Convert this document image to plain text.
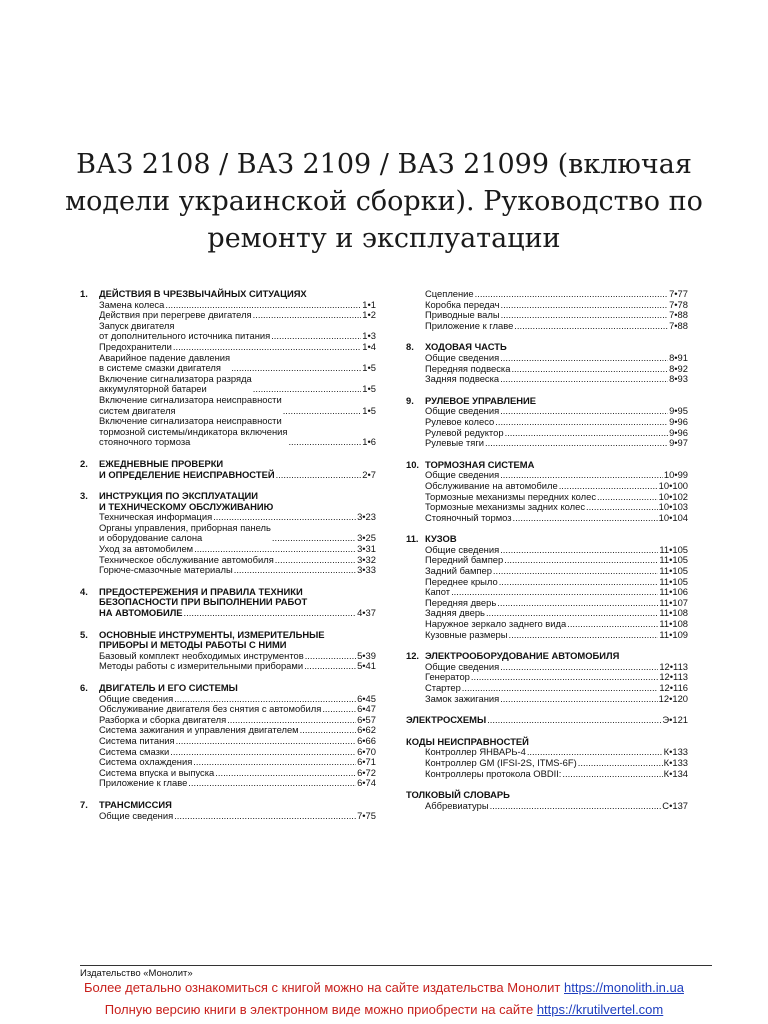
ВАЗ 2108 / ВАЗ 2109 / ВАЗ 21099 (включая модели украинской сборки). Руководство по ремонту и эксплуатации
1.	ДЕЙСТВИЯ В ЧРЕЗВЫЧАЙНЫХ СИТУАЦИЯХ
Замена колеса .....	1•1
Действия при перегреве двигателя .....	1•2
Запуск двигателя
от дополнительного источника питания .....	1•3
Предохранители .....	1•4
Аварийное падение давления
в системе смазки двигателя .....	1•5
Включение сигнализатора разряда
аккумуляторной батареи .....	1•5
Включение сигнализатора неисправности
систем двигателя .....	1•5
Включение сигнализатора неисправности
тормозной системы/индикатора включения
стояночного тормоза .....	1•6
2.	ЕЖЕДНЕВНЫЕ ПРОВЕРКИ
И ОПРЕДЕЛЕНИЕ НЕИСПРАВНОСТЕЙ .....	2•7
3.	ИНСТРУКЦИЯ ПО ЭКСПЛУАТАЦИИ
И ТЕХНИЧЕСКОМУ ОБСЛУЖИВАНИЮ
Техническая информация .....	3•23
Органы управления, приборная панель
и оборудование салона .....	3•25
Уход за автомобилем .....	3•31
Техническое обслуживание автомобиля .....	3•32
Горюче-смазочные материалы .....	3•33
4.	ПРЕДОСТЕРЕЖЕНИЯ И ПРАВИЛА ТЕХНИКИ
БЕЗОПАСНОСТИ ПРИ ВЫПОЛНЕНИИ РАБОТ
НА АВТОМОБИЛЕ .....	4•37
5.	ОСНОВНЫЕ ИНСТРУМЕНТЫ, ИЗМЕРИТЕЛЬНЫЕ
ПРИБОРЫ И МЕТОДЫ РАБОТЫ С НИМИ
Базовый комплект необходимых инструментов .....	5•39
Методы работы с измерительными приборами .....	5•41
6.	ДВИГАТЕЛЬ И ЕГО СИСТЕМЫ
Общие сведения .....	6•45
Обслуживание двигателя без снятия с автомобиля .....	6•47
Разборка и сборка двигателя .....	6•57
Система зажигания и управления двигателем .....	6•62
Система питания .....	6•66
Система смазки .....	6•70
Система охлаждения .....	6•71
Система впуска и выпуска .....	6•72
Приложение к главе .....	6•74
7.	ТРАНСМИССИЯ
Общие сведения .....	7•75
Сцепление .....	7•77
Коробка передач .....	7•78
Приводные валы .....	7•88
Приложение к главе .....	7•88
8.	ХОДОВАЯ ЧАСТЬ
Общие сведения .....	8•91
Передняя подвеска .....	8•92
Задняя подвеска .....	8•93
9.	РУЛЕВОЕ УПРАВЛЕНИЕ
Общие сведения .....	9•95
Рулевое колесо .....	9•96
Рулевой редуктор .....	9•96
Рулевые тяги .....	9•97
10. ТОРМОЗНАЯ СИСТЕМА
Общие сведения .....	10•99
Обслуживание на автомобиле .....	10•100
Тормозные механизмы передних колес .....	10•102
Тормозные механизмы задних колес .....	10•103
Стояночный тормоз .....	10•104
11. КУЗОВ
Общие сведения .....	11•105
Передний бампер .....	11•105
Задний бампер .....	11•105
Переднее крыло .....	11•105
Капот .....	11•106
Передняя дверь .....	11•107
Задняя дверь .....	11•108
Наружное зеркало заднего вида .....	11•108
Кузовные размеры .....	11•109
12. ЭЛЕКТРООБОРУДОВАНИЕ АВТОМОБИЛЯ
Общие сведения .....	12•113
Генератор .....	12•113
Стартер .....	12•116
Замок зажигания .....	12•120
ЭЛЕКТРОСХЕМЫ .....	Э•121
КОДЫ НЕИСПРАВНОСТЕЙ
Контроллер ЯНВАРЬ-4 .....	К•133
Контроллер GM (IFSI-2S, ITMS-6F) .....	К•133
Контроллеры протокола OBDII: .....	К•134
ТОЛКОВЫЙ СЛОВАРЬ
Аббревиатуры .....	С•137
Издательство «Монолит»
Более детально ознакомиться с книгой можно на сайте издательства Монолит https://monolith.in.ua
Полную версию книги в электронном виде можно приобрести на сайте https://krutilvertel.com
